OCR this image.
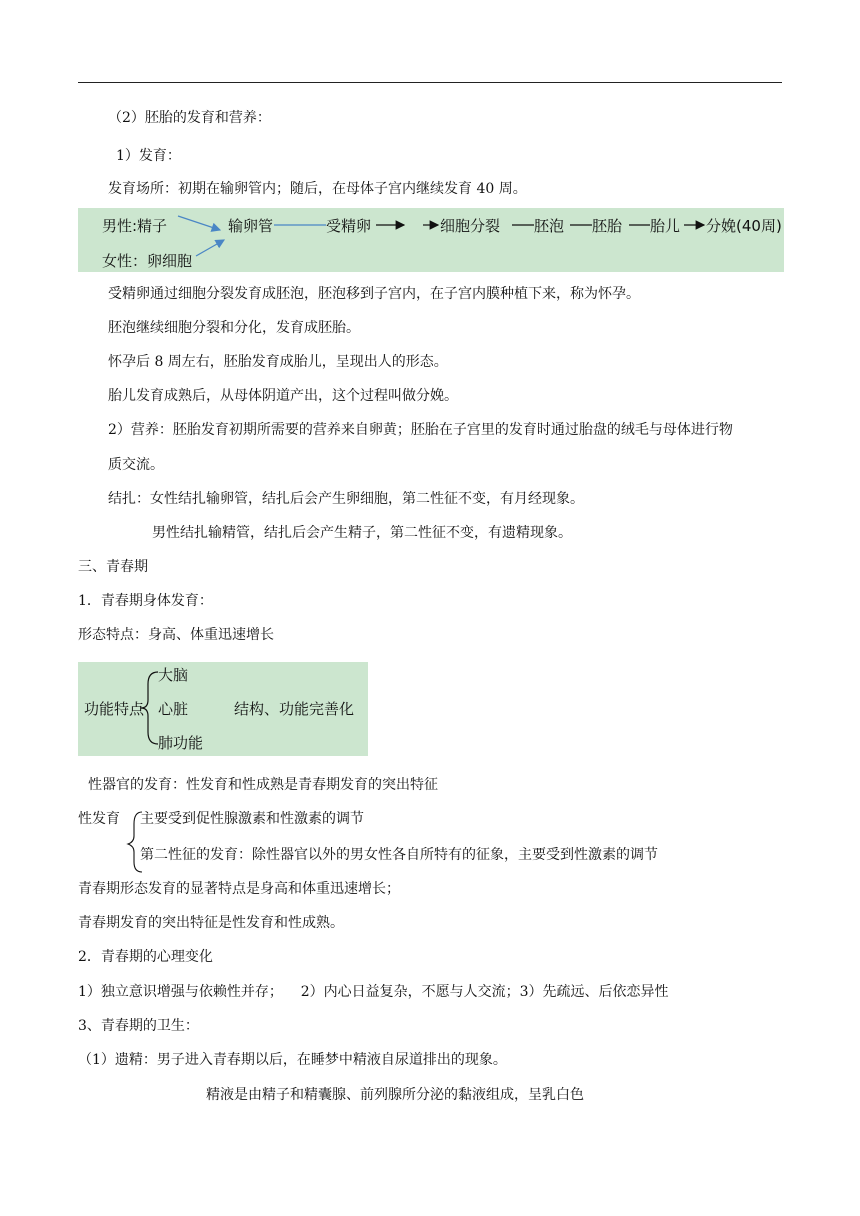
（2）胚胎的发育和营养：
1）发育：
发育场所：初期在输卵管内；随后，在母体子宫内继续发育 40 周。
男性:精子
女性：卵细胞
输卵管	受精卵	细胞分裂 胚泡 胚胎 胎儿 分娩(40周)
受精卵通过细胞分裂发育成胚泡，胚泡移到子宫内，在子宫内膜种植下来，称为怀孕。
胚泡继续细胞分裂和分化，发育成胚胎。
怀孕后 8 周左右，胚胎发育成胎儿，呈现出人的形态。
胎儿发育成熟后，从母体阴道产出，这个过程叫做分娩。
2）营养：胚胎发育初期所需要的营养来自卵黄；胚胎在子宫里的发育时通过胎盘的绒毛与母体进行物
质交流。
结扎：女性结扎输卵管，结扎后会产生卵细胞，第二性征不变，有月经现象。
男性结扎输精管，结扎后会产生精子，第二性征不变，有遗精现象。
三、青春期
1．青春期身体发育：
形态特点：身高、体重迅速增长
功能特点
大脑
心脏
肺功能
结构、功能完善化
性器官的发育：性发育和性成熟是青春期发育的突出特征
性发育 主要受到促性腺激素和性激素的调节
第二性征的发育：除性器官以外的男女性各自所特有的征象，主要受到性激素的调节
青春期形态发育的显著特点是身高和体重迅速增长；
青春期发育的突出特征是性发育和性成熟。
2．青春期的心理变化
1）独立意识增强与依赖性并存；    2）内心日益复杂，不愿与人交流；3）先疏远、后依恋异性
3、青春期的卫生：
（1）遗精：男子进入青春期以后，在睡梦中精液自尿道排出的现象。
精液是由精子和精囊腺、前列腺所分泌的黏液组成，呈乳白色
